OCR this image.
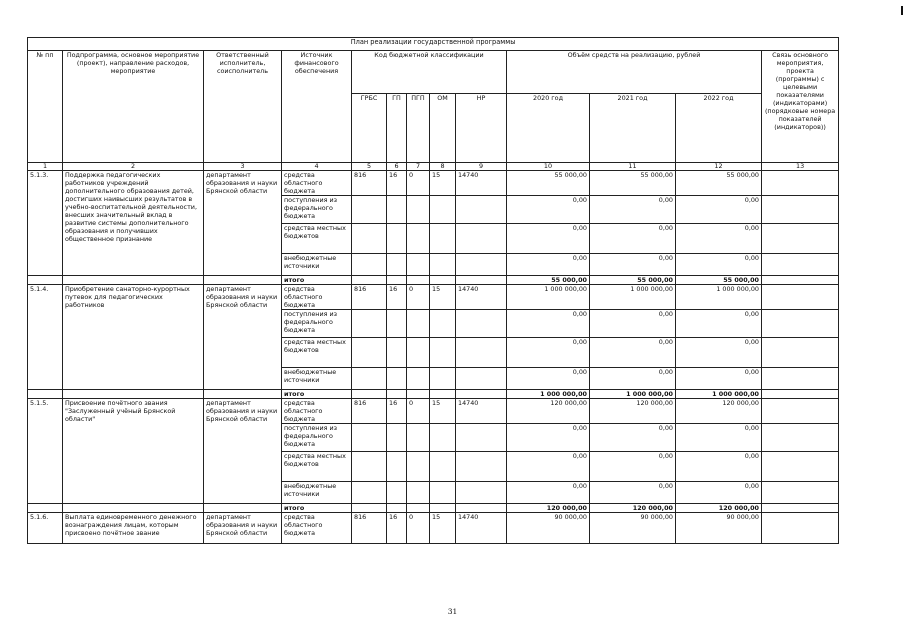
План реализации государственной программы												
№ пп	Подпрограмма, основное мероприятие (проект), направление расходов, мероприятие	Ответственный исполнитель, соисполнитель	Источник финансового обеспечения	Код бюджетной классификации					Объём средств на реализацию, рублей			Связь основного мероприятия, проекта (программы) с целевыми показателями (индикаторами) (порядковые номера показателей (индикаторов))
				ГРБС	ГП	ПГП	ОМ	НР	2020 год	2021 год	2022 год	
1	2	3	4	5	6	7	8	9	10	11	12	13
5.1.3.	Поддержка педагогических работников учреждений дополнительного образования детей, достигших наивысших результатов в учебно-воспитательной деятельности, внесших значительный вклад в развитие системы дополнительного образования и получивших общественное признание	департамент образования и науки Брянской области	средства областного бюджета	816	16	0	15	14740	55 000,00	55 000,00	55 000,00	
			поступления из федерального бюджета						0,00	0,00	0,00	
			средства местных бюджетов						0,00	0,00	0,00	
			внебюджетные источники						0,00	0,00	0,00	
			итого						55 000,00	55 000,00	55 000,00	
5.1.4.	Приобретение санаторно-курортных путевок для педагогических работников	департамент образования и науки Брянской области	средства областного бюджета	816	16	0	15	14740	1 000 000,00	1 000 000,00	1 000 000,00	
			поступления из федерального бюджета						0,00	0,00	0,00	
			средства местных бюджетов						0,00	0,00	0,00	
			внебюджетные источники						0,00	0,00	0,00	
			итого						1 000 000,00	1 000 000,00	1 000 000,00	
5.1.5.	Присвоение почётного звания "Заслуженный учёный Брянской области"	департамент образования и науки Брянской области	средства областного бюджета	816	16	0	15	14740	120 000,00	120 000,00	120 000,00	
			поступления из федерального бюджета						0,00	0,00	0,00	
			средства местных бюджетов						0,00	0,00	0,00	
			внебюджетные источники						0,00	0,00	0,00	
			итого						120 000,00	120 000,00	120 000,00	
5.1.6.	Выплата единовременного денежного вознаграждения лицам, которым присвоено почётное звание	департамент образования и науки Брянской области	средства областного бюджета	816	16	0	15	14740	90 000,00	90 000,00	90 000,00	
31
